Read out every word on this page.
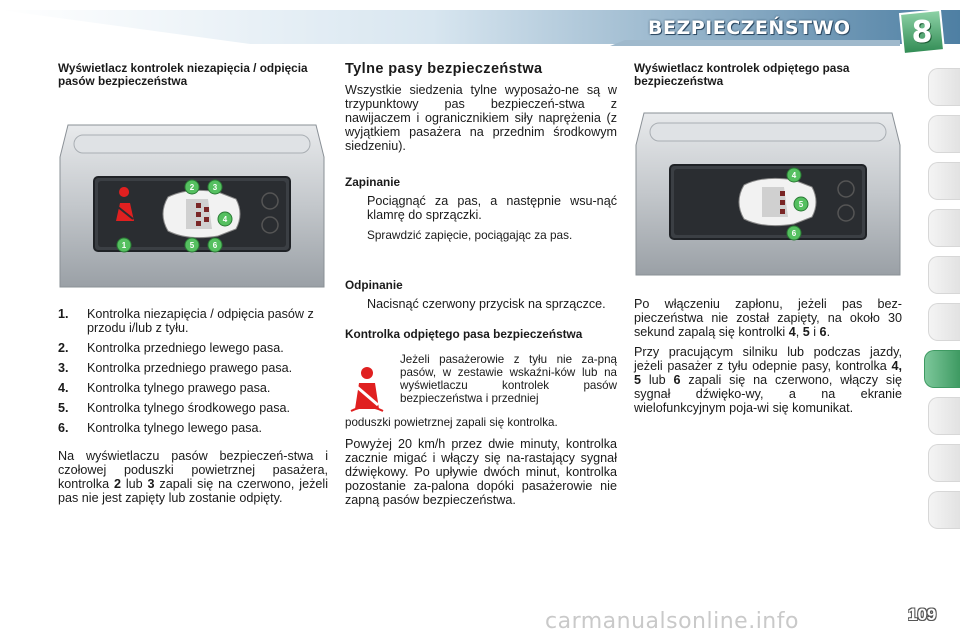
BEZPIECZEŃSTWO 8

Wyświetlacz kontrolek niezapięcia / odpięcia pasów bezpieczeństwa

1
2 3
4
5 6
1. Kontrolka niezapięcia / odpięcia pasów z przodu i/lub z tyłu.
2. Kontrolka przedniego lewego pasa.
3. Kontrolka przedniego prawego pasa.
4. Kontrolka tylnego prawego pasa.
5. Kontrolka tylnego środkowego pasa.
6. Kontrolka tylnego lewego pasa.

Na wyświetlaczu pasów bezpieczeń-stwa i czołowej poduszki powietrznej pasażera, kontrolka 2 lub 3 zapali się na czerwono, jeżeli pas nie jest zapięty lub zostanie odpięty.

Tylne pasy bezpieczeństwa

Wszystkie siedzenia tylne wyposażo-ne są w trzypunktowy pas bezpieczeń-stwa z nawijaczem i ogranicznikiem siły naprężenia (z wyjątkiem pasażera na przednim środkowym siedzeniu).

Zapinanie

Pociągnąć za pas, a następnie wsu-nąć klamrę do sprzączki.
Sprawdzić zapięcie, pociągając za pas.

Odpinanie

Nacisnąć czerwony przycisk na sprzączce.

Kontrolka odpiętego pasa bezpieczeństwa

Jeżeli pasażerowie z tyłu nie za-pną pasów, w zestawie wskaźni-ków lub na wyświetlaczu kontrolek pasów bezpieczeństwa i przedniej

poduszki powietrznej zapali się kontrolka.

Powyżej 20 km/h przez dwie minuty, kontrolka zacznie migać i włączy się na-rastający sygnał dźwiękowy. Po upływie dwóch minut, kontrolka pozostanie za-palona dopóki pasażerowie nie zapną pasów bezpieczeństwa.

Wyświetlacz kontrolek odpiętego pasa bezpieczeństwa

4
5
6

Po włączeniu zapłonu, jeżeli pas bez-pieczeństwa nie został zapięty, na około 30 sekund zapalą się kontrolki 4, 5 i 6.

Przy pracującym silniku lub podczas jazdy, jeżeli pasażer z tyłu odepnie pasy, kontrolka 4, 5 lub 6 zapali się na czerwono, włączy się sygnał dźwięko-wy, a na ekranie wielofunkcyjnym poja-wi się komunikat.

carmanualsonline.info	109
